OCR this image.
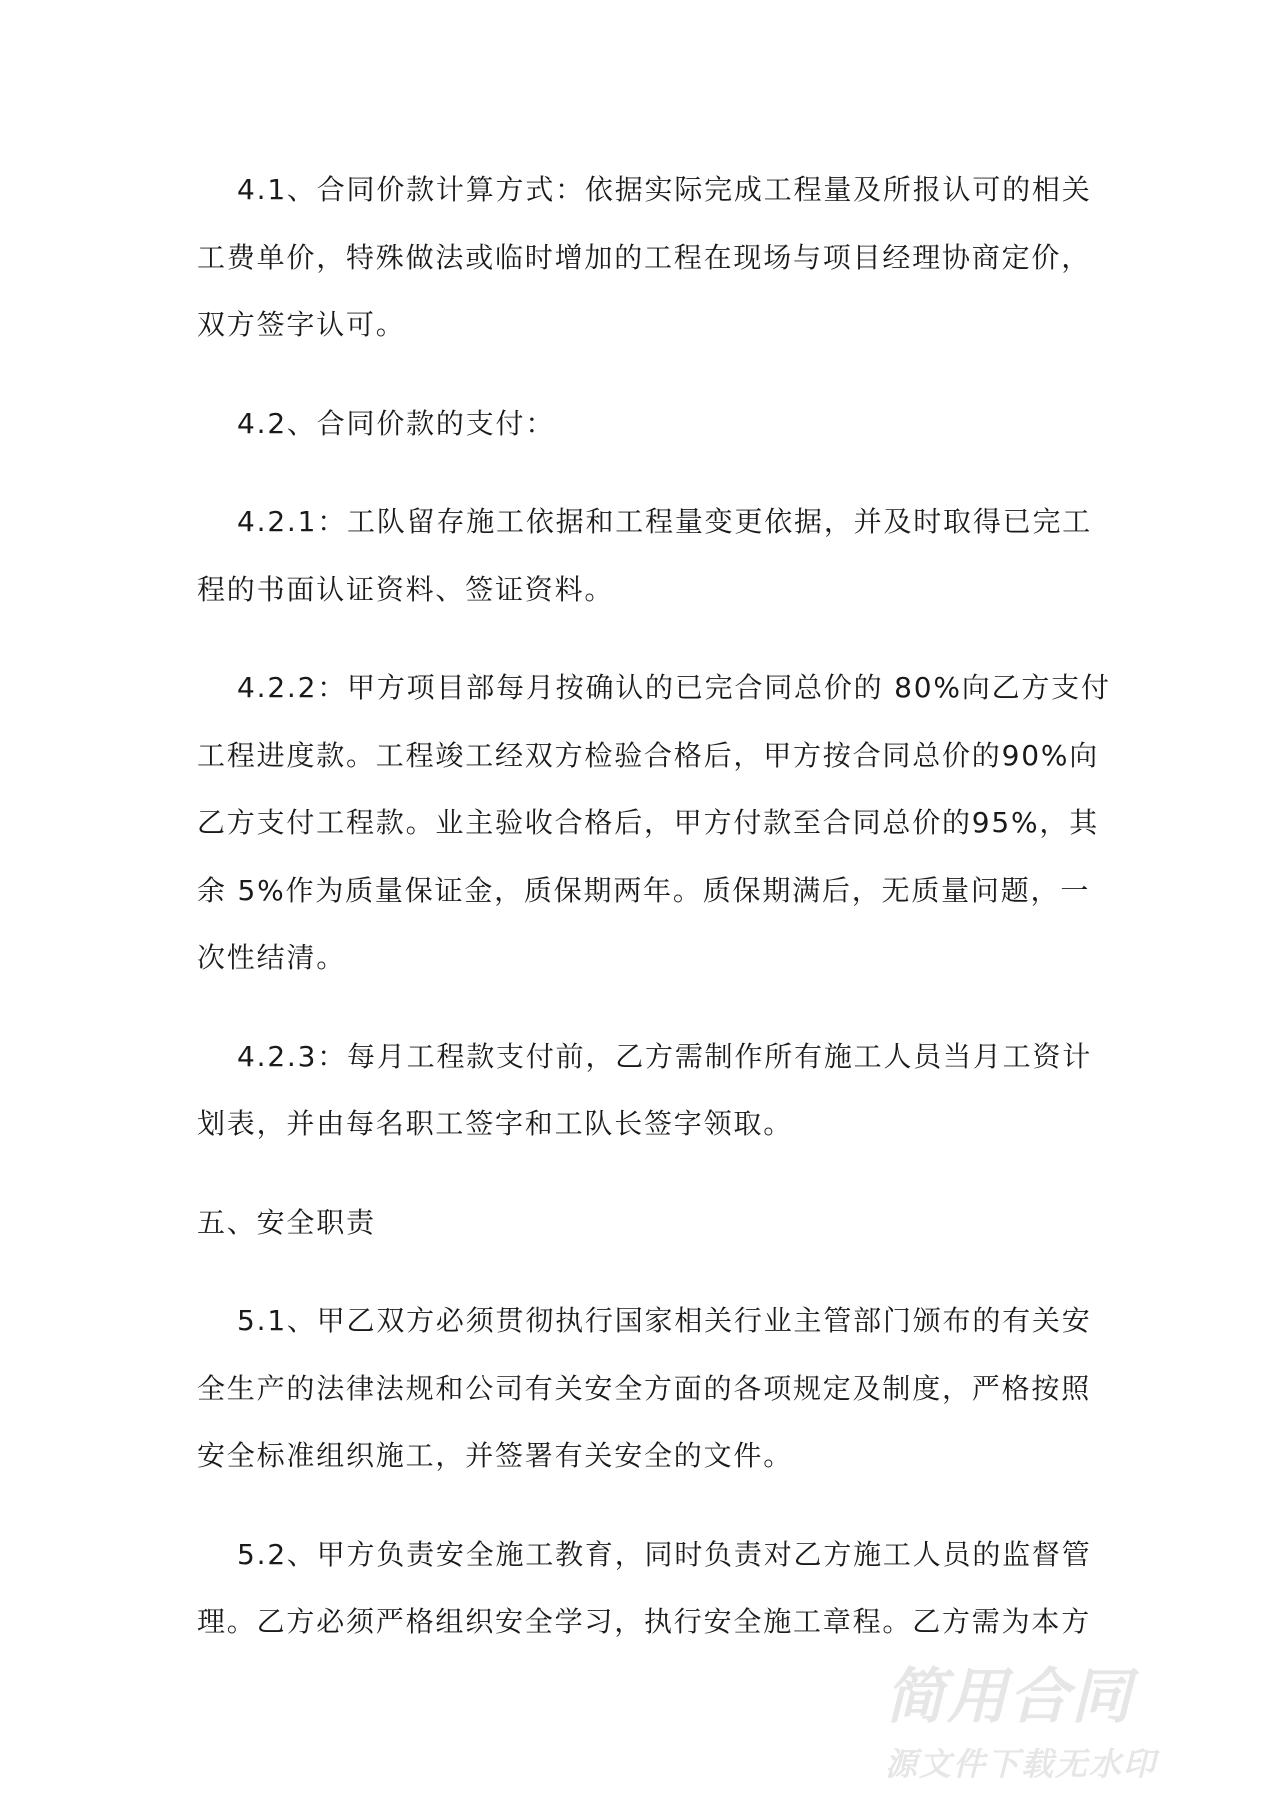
4.1、合同价款计算方式：依据实际完成工程量及所报认可的相关
工费单价，特殊做法或临时增加的工程在现场与项目经理协商定价，
双方签字认可。
4.2、合同价款的支付：
4.2.1：工队留存施工依据和工程量变更依据，并及时取得已完工
程的书面认证资料、签证资料。
4.2.2：甲方项目部每月按确认的已完合同总价的 80%向乙方支付
工程进度款。工程竣工经双方检验合格后，甲方按合同总价的90%向
乙方支付工程款。业主验收合格后，甲方付款至合同总价的95%，其
余 5%作为质量保证金，质保期两年。质保期满后，无质量问题，一
次性结清。
4.2.3：每月工程款支付前，乙方需制作所有施工人员当月工资计
划表，并由每名职工签字和工队长签字领取。
五、安全职责
5.1、甲乙双方必须贯彻执行国家相关行业主管部门颁布的有关安
全生产的法律法规和公司有关安全方面的各项规定及制度，严格按照
安全标准组织施工，并签署有关安全的文件。
5.2、甲方负责安全施工教育，同时负责对乙方施工人员的监督管
理。乙方必须严格组织安全学习，执行安全施工章程。乙方需为本方
简用合同
源文件下载无水印
